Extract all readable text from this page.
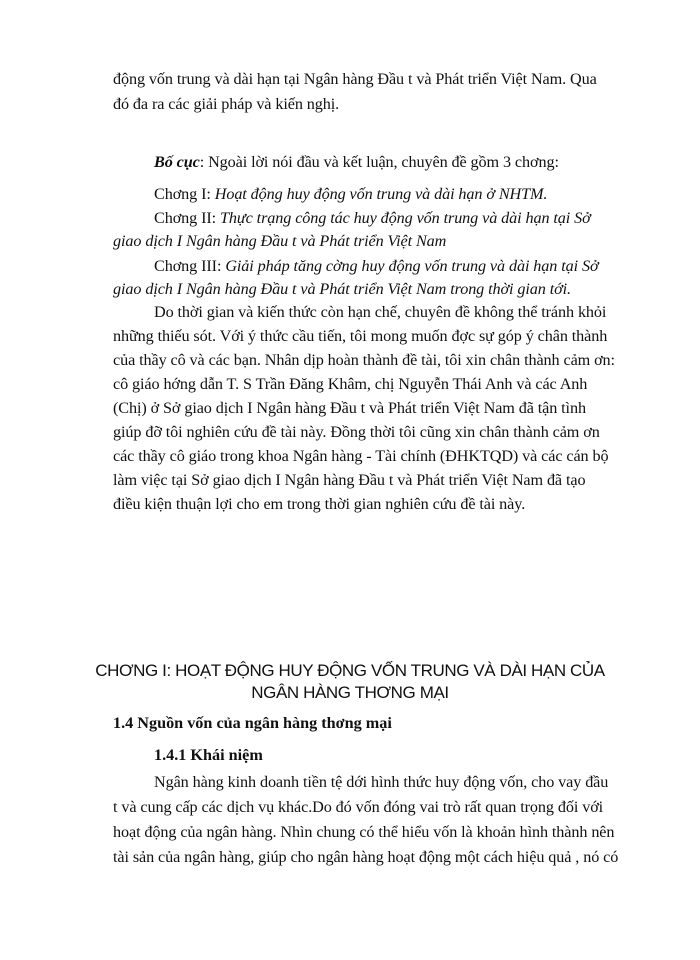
động vốn trung và dài hạn tại Ngân hàng Đầu t và Phát triển Việt Nam. Qua
đó đa ra các giải pháp và kiến nghị.
Bố cục: Ngoài lời nói đầu và kết luận, chuyên đề gồm 3 chơng:
Chơng I: Hoạt động huy động vốn trung và dài hạn ở NHTM.
Chơng II: Thực trạng công tác huy động vốn trung và dài hạn tại Sở
giao dịch I Ngân hàng Đầu t và Phát triển Việt Nam
Chơng III: Giải pháp tăng cờng huy động vốn trung và dài hạn tại Sở
giao dịch I Ngân hàng Đầu t và Phát triển Việt Nam trong thời gian tới.
Do thời gian và kiến thức còn hạn chế, chuyên đề không thể tránh khỏi
những thiếu sót. Với ý thức cầu tiến, tôi mong muốn đợc sự góp ý chân thành
của thầy cô và các bạn. Nhân dịp hoàn thành đề tài, tôi xin chân thành cảm ơn:
cô giáo hớng dẫn T. S Trần Đăng Khâm, chị Nguyễn Thái Anh và các Anh
(Chị) ở Sở giao dịch I Ngân hàng Đầu t và Phát triển Việt Nam đã tận tình
giúp đỡ tôi nghiên cứu đề tài này. Đồng thời tôi cũng xin chân thành cảm ơn
các thầy cô giáo trong khoa Ngân hàng - Tài chính (ĐHKTQD) và các cán bộ
làm việc tại Sở giao dịch I Ngân hàng Đầu t và Phát triển Việt Nam đã tạo
điều kiện thuận lợi cho em trong thời gian nghiên cứu đề tài này.
CHƠNG I: HOẠT ĐỘNG HUY ĐỘNG VỐN TRUNG VÀ DÀI HẠN CỦA
NGÂN HÀNG THƠNG MẠI
1.4 Nguồn vốn của ngân hàng thơng mại
1.4.1 Khái niệm
Ngân hàng kinh doanh tiền tệ dới hình thức huy động vốn, cho vay đầu
t và cung cấp các dịch vụ khác.Do đó vốn đóng vai trò rất quan trọng đối với
hoạt động của ngân hàng. Nhìn chung có thể hiểu vốn là khoản hình thành nên
tài sản của ngân hàng, giúp cho ngân hàng hoạt động một cách hiệu quả , nó có
